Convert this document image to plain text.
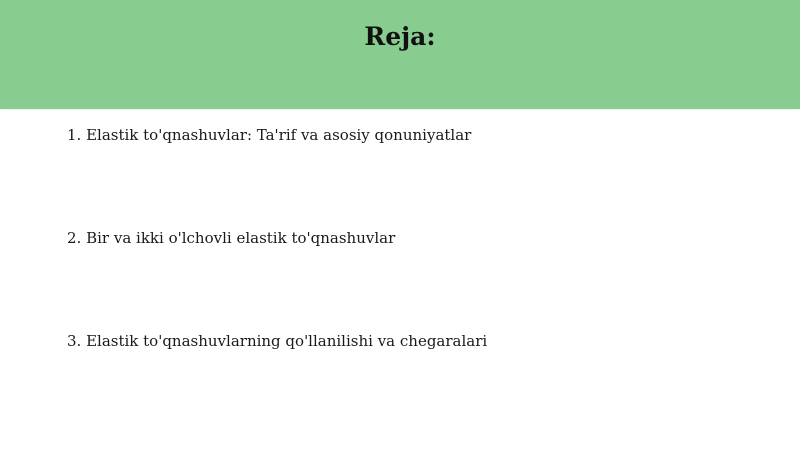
Reja:
1. Elastik to'qnashuvlar: Ta'rif va asosiy qonuniyatlar
2. Bir va ikki o'lchovli elastik to'qnashuvlar
3. Elastik to'qnashuvlarning qo'llanilishi va chegaralari
